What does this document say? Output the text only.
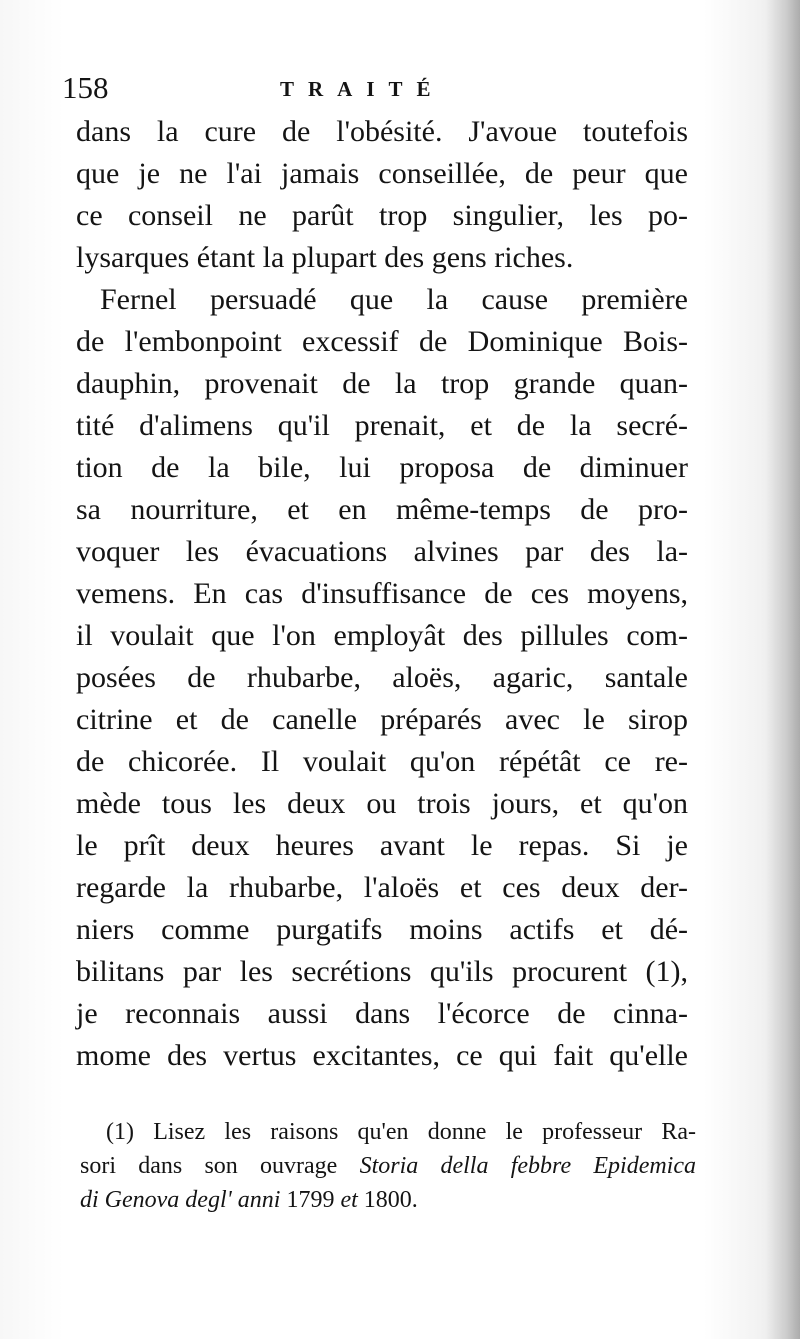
158	TRAITÉ
dans la cure de l'obésité. J'avoue toutefois
que je ne l'ai jamais conseillée, de peur que
ce conseil ne parût trop singulier, les po-
lysarques étant la plupart des gens riches.
Fernel persuadé que la cause première
de l'embonpoint excessif de Dominique Bois-
dauphin, provenait de la trop grande quan-
tité d'alimens qu'il prenait, et de la secré-
tion de la bile, lui proposa de diminuer
sa nourriture, et en même-temps de pro-
voquer les évacuations alvines par des la-
vemens. En cas d'insuffisance de ces moyens,
il voulait que l'on employât des pillules com-
posées de rhubarbe, aloës, agaric, santale
citrine et de canelle préparés avec le sirop
de chicorée. Il voulait qu'on répétât ce re-
mède tous les deux ou trois jours, et qu'on
le prît deux heures avant le repas. Si je
regarde la rhubarbe, l'aloës et ces deux der-
niers comme purgatifs moins actifs et dé-
bilitans par les secrétions qu'ils procurent (1),
je reconnais aussi dans l'écorce de cinna-
mome des vertus excitantes, ce qui fait qu'elle
(1) Lisez les raisons qu'en donne le professeur Ra-
sori dans son ouvrage Storia della febbre Epidemica
di Genova degl' anni 1799 et 1800.
